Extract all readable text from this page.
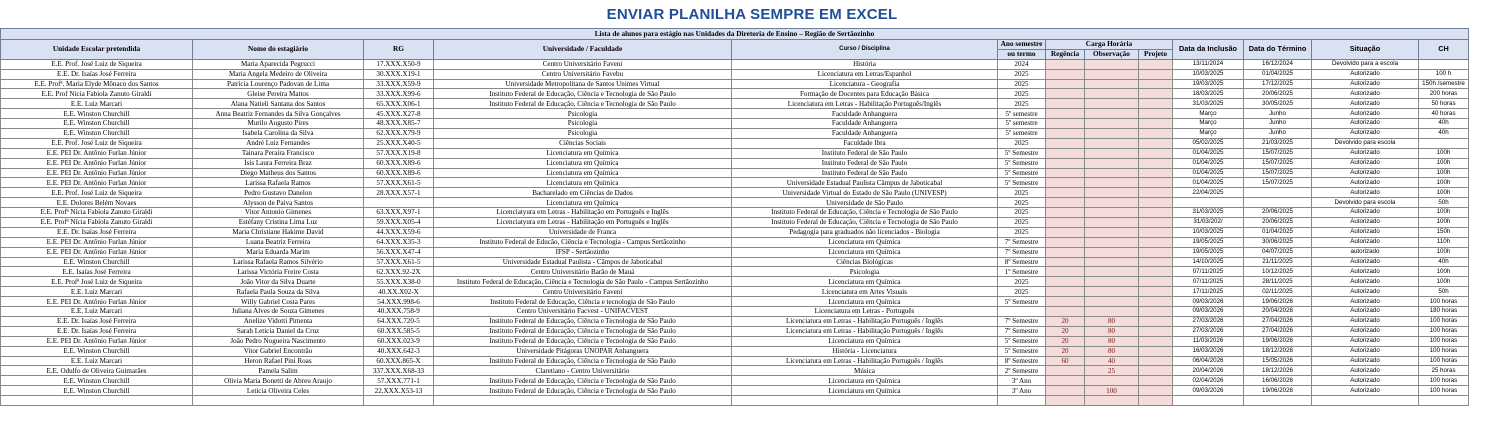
ENVIAR PLANILHA SEMPRE EM EXCEL
Lista de alunos para estágio nas Unidades da Diretoria de Ensino – Região de Sertãozinho												
Unidade Escolar pretendida	Nome do estagiário	RG	Universidade / Faculdade	Curso / Disciplina	Ano semestre	Carga Horária			Data da Inclusão	Data do Término	Situação	CH
					ou termo	Regência	Observação	Projeto				
E.E. Prof. José Luiz de Siqueira	Maria Aparecida Pegrucci	17.XXX.X50-9	Centro Universitário Faveni	História	2024				13/11/2024	16/12/2024	Devolvido para a escola	
E.E. Dr. Isaías José Ferreira	Maria Angela Medeiro de Oliveira	30.XXX.X19-1	Centro Universitário Favebu	Licenciatura em Letras/Espanhol	2025				10/03/2025	01/04/2025	Autorizado	100 h
E.E. Profª. Maria Elyde Mônaco dos Santos	Patrícia Lourenço Padovan de Lima	33.XXX.X59-9	Universidade Metropolitana de Santos Unimes Virtual	Licenciatura - Geografia	2025				19/03/2025	17/12/2025	Autorizado	150h /semestre
E.E. Prof Nícia Fabiola Zanuto Giraldi	Gleise Pereira Mattos	33.XXX.X99-6	Instituto Federal de Educação, Ciência e Tecnologia de São Paulo	Formação de Docentes para Educação Básica	2025				18/03/2025	20/06/2025	Autorizado	200 horas
E.E. Luiz Marcari	Alana Natieli Santana dos Santos	65.XXX.X06-1	Instituto Federal de Educação, Ciência e Tecnologia de São Paulo	Licenciatura em Letras - Habilitação Português/Inglês	2025				31/03/2025	30/05/2025	Autorizado	50 horas
E.E. Winston Churchill	Anna Beatriz Fernandes da Silva Gonçalves	45.XXX.X27-8	Psicologia	Faculdade Anhanguera	5º semestre				Março	Junho	Autorizado	40 horas
E.E. Winston Churchill	Murilo Augusto Pires	48.XXX.X85-7	Psicologia	Faculdade Anhanguera	5º semestre				Março	Junho	Autorizado	40h
E.E. Winston Churchill	Isabela Carolina da Silva	62.XXX.X79-9	Psicologia	Faculdade Anhanguera	5º semestre				Março	Junho	Autorizado	40h
E.E. Prof. José Luiz de Siqueira	André Luiz Fernandes	25.XXX.X40-5	Ciências Sociais	Faculdade Ibra	2025				05/02/2025	21/03/2025	Devolvido para escola	
E.E. PEI Dr. Antônio Furlan Júnior	Tainara Peraira Francisco	57.XXX.X19-8	Licenciatura em Química	Instituto Federal de São Paulo	5º Semestre				01/04/2025	15/07/2025	Autorizado	100h
E.E. PEI Dr. Antônio Furlan Júnior	Ísis Laura Ferreira Braz	60.XXX.X89-6	Licenciatura em Química	Instituto Federal de São Paulo	5º Semestre				01/04/2025	15/07/2025	Autorizado	100h
E.E. PEI Dr. Antônio Furlan Júnior	Diego Matheus dos Santos	60.XXX.X89-6	Licenciatura em Química	Instituto Federal de São Paulo	5º Semestre				01/04/2025	15/07/2025	Autorizado	100h
E.E. PEI Dr. Antônio Furlan Júnior	Larissa Rafaela Ramos	57.XXX.X61-5	Licenciatura em Química	Universidade Estadual Paulista Câmpus de Jaboticabal	5º Semestre				01/04/2025	15/07/2025	Autorizado	100h
E.E. Prof. José Luiz de Siqueira	Pedro Gustavo Danelon	28.XXX.X57-1	Bacharelado em Ciências de Dados	Universidade Virtual do Estado de São Paulo (UNIVESP)	2025				22/04/2025		Autorizado	100h
E.E. Dolores Belém Novaes	Alysson de Paiva Santos		Licenciatura em Química	Universidade de São Paulo	2025						Devolvido para escola	50h
E.E. Profª Nícia Fabíola Zanuto Giraldi	Vitor Antonio Gimenes	63.XXX.X97-1	Licenciatyura em Letras - Habilitação em Português e Inglês	Instituto Federal de Educação, Ciência e Tecnologia de São Paulo	2025				31/03/2025	20/06/2025	Autorizado	100h
E.E. Profª Nícia Fabíola Zanuto Giraldi	Estéfany Cristina Lima Luz	59.XXX.X05-4	Licenciatyura em Letras - Habilitação em Português e Inglês	Instituto Federal de Educação, Ciência e Tecnologia de São Paulo	2025				31/03/202/	20/06/2025	Autorizado	100h
E.E. Dr. Isaías José Ferreira	Maria Christiane Hakime David	44.XXX.X59-6	Universidade de Franca	Pedagogia para graduados não licenciados - Biologia	2025				10/03/2025	01/04/2025	Autorizado	150h
E.E. PEI Dr. Antônio Furlan Júnior	Luana Beatriz Ferreira	64.XXX.X35-3	Instituto Federal de Educão, Ciência e Tecnologia - Campus Sertãozinho	Licenciatura em Química	7º Semestre				19/05/2025	30/06/2025	Autorizado	110h
E.E. PEI Dr. Antônio Furlan Júnior	Maria Eduarda Marim	56.XXX.X47-4	IFSP - Sertãozinho	Licenciatura em Química	7º Semestre				19/05/2025	04/07/2025	autorizado	100h
E.E. Winston Churchill	Larissa Rafaela Ramos Silvério	57.XXX.X61-5	Universidade Estadual Paulista - Câmpos de Jaboticabal	Ciências Biológicas	8º Semestre				14/10/2025	21/11/2025	Autorizado	40h
E.E. Isaías José Ferreira	Larissa Victória Freire Costa	62.XXX.92-2X	Centro Universitário Barão de Mauá	Psicologia	1º Semestre				07/11/2025	10/12/2025	Autorizado	100h
E.E. Profª José Luiz de Siqueira	João Vitor da Silva Duarte	55.XXX.X38-0	Instituto Federal de Educação, Ciência e Tecnologia de São Paulo - Campus Sertãozinho	Licenciatura em Química	2025				07/11/2025	28/11/2025	Autorizado	100h
E.E. Luiz Marcari	Rafaela Paula Souza da Silva	40.XX.X02-X	Centro Universitário Faveni	Licenciatura em Artes Visuais	2025				17/11/2025	02/11/2025	Autorizado	50h
E.E. PEI Dr. Antônio Furlan Júnior	Willy Gabriel Costa Pares	54.XXX.998-6	Instituto Federal de Educação, Ciência e tecnologia de São Paulo	Licenciatura em Química	5º Semestre				09/03/2026	19/06/2026	Autorizado	100 horas
E.E. Luiz Marcari	Juliana Alves de Souza Gimenes	40.XXX.758-9	Centro Universitário Facvest - UNIFACVEST	Licenciatura em Letras - Português					09/03/2026	20/04/2026	Autorizado	180 horas
E.E. Dr. Isaías José Ferreira	Anelize Vidotti Pimenta	64.XXX.720-5	Instituto Federal de Educação, Ciência e Tecnologia de São Paulo	Licenciatura em Letras - Habilitação Português / Inglês	7º Semestre	20	80		27/03/2026	27/04/2026	Autorizado	100 horas
E.E. Dr. Isaías José Ferreira	Sarah Leticia Daniel da Cruz	60.XXX.585-5	Instituto Federal de Educação, Ciência e Tecnologia de São Paulo	Licenciatura em Letras - Habilitação Português / Inglês	7º Semestre	20	80		27/03/2026	27/04/2026	Autorizado	100 horas
E.E. PEI Dr. Antônio Furlan Júnior	João Pedro Nogueira Nascimento	60.XXX.023-9	Instituto Federal de Educação, Ciência e Tecnologia de São Paulo	Licenciatura em Química	5º Semestre	20	80		11/03/2026	19/06/2026	Autorizado	100 horas
E.E. Winston Churchill	Vitor Gabriel Encontrão	40.XXX.642-3	Universidade Pitágoras UNOPAR Anhanguera	História - Licenciatura	5º Semestre	20	80		16/03/2026	18/12/2026	Autorizado	100 horas
E.E. Luiz Marcari	Heron Rafael Pini Roas	60.XXX.865-X	Instituto Federal de Educação, Ciência e Tecnologia de São Paulo	Licenciatura em Letras - Habilitação Português / Inglês	8º Semestre	60	40		06/04/2026	15/05/2026	Autorizado	100 horas
E.E. Odulfo de Oliveira Guimarães	Pamela Salim	337.XXX.X68-33	Claretiano - Centro Universitário	Música	2º Semestre		25		20/04/2026	18/12/2026	Autorizado	25 horas
E.E. Winston Churchill	Olivia Maria Bonetti de Abreu Araujo	57.XXX.771-1	Instituto Federal de Educação, Ciência e Tecnologia de São Paulo	Licenciatura em Química	3º Ano				02/04/2026	16/06/2026	Autorizado	100 horas
E.E. Winston Churchill	Letícia Oliveira Celes	22.XXX.X53-13	Instituto Federal de Educação, Ciência e Tecnologia de São Paulo	Licenciatura em Química	3º Ano		100		09/03/2026	19/06/2026	Autorizado	100 horas
